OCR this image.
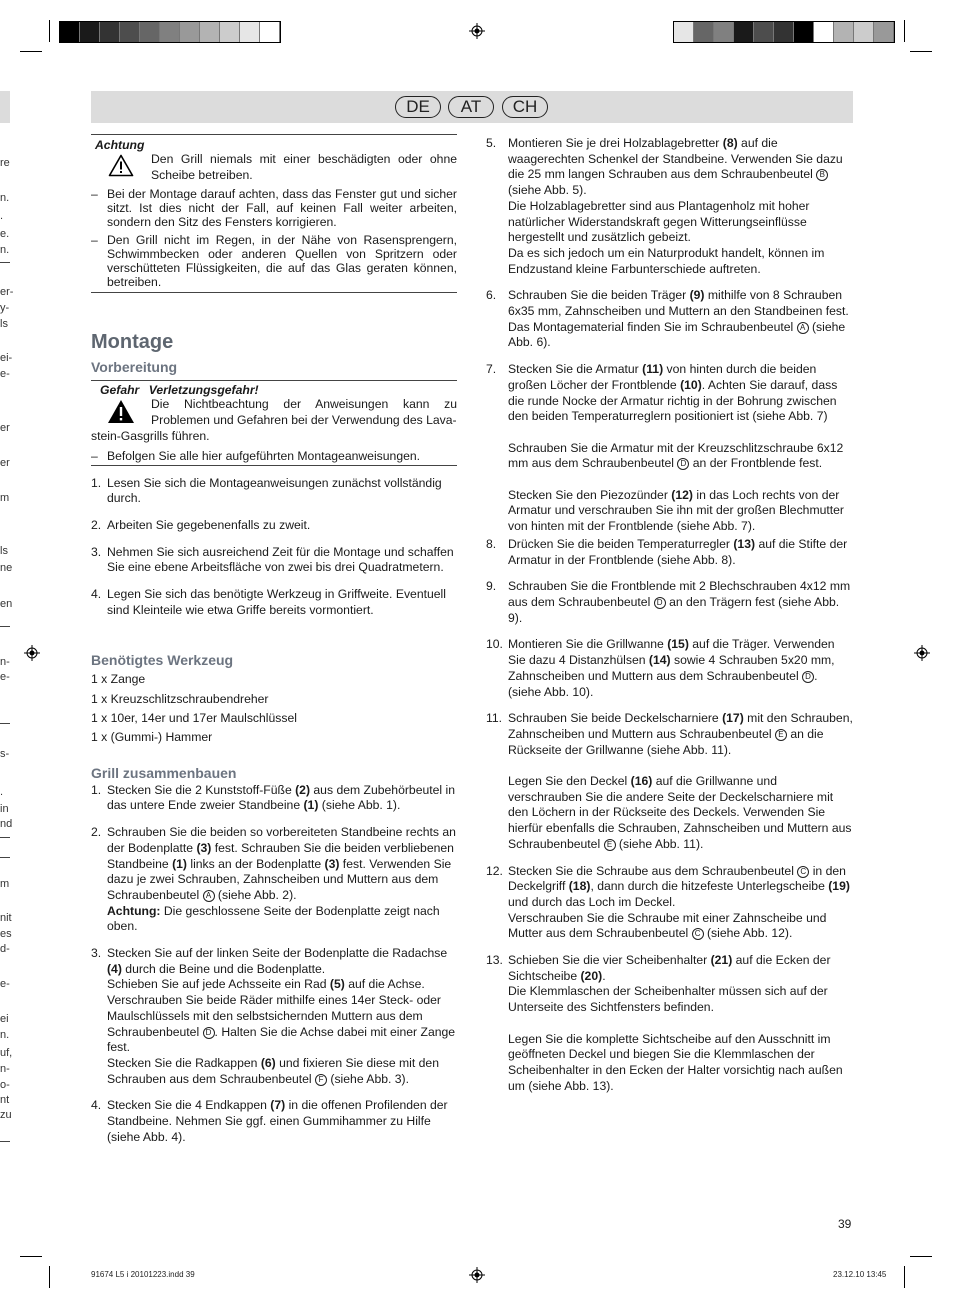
DE	AT	CH
re
n.
.
e.
n.
er-
y-
ls
ei-
e-
er
er
m
ls
ne
en
n-
e-
s-
.
in
nd
m
nit
es
d-
e-
ei
n.
uf,
n-
o-
nt
zu
Achtung

Den Grill niemals mit einer beschädigten oder ohne Scheibe betreiben.

– Bei der Montage darauf achten, dass das Fenster gut und sicher sitzt. Ist dies nicht der Fall, auf keinen Fall weiter arbeiten, sondern den Sitz des Fensters korrigieren.
– Den Grill nicht im Regen, in der Nähe von Rasensprengern, Schwimmbecken oder anderen Quellen von Spritzern oder verschütteten Flüssigkeiten, die auf das Glas geraten können, betreiben.
Montage
Vorbereitung
Gefahr Verletzungsgefahr!

Die Nichtbeachtung der Anweisungen kann zu Problemen und Gefahren bei der Verwendung des Lava-

stein-Gasgrills führen.

– Befolgen Sie alle hier aufgeführten Montageanweisungen.
1. Lesen Sie sich die Montageanweisungen zunächst vollständig durch.
2. Arbeiten Sie gegebenenfalls zu zweit.
3. Nehmen Sie sich ausreichend Zeit für die Montage und schaffen Sie eine ebene Arbeitsfläche von zwei bis drei Quadratmetern.
4. Legen Sie sich das benötigte Werkzeug in Griffweite. Eventuell sind Kleinteile wie etwa Griffe bereits vormontiert.
Benötigtes Werkzeug

1 x Zange

1 x Kreuzschlitzschraubendreher

1 x 10er, 14er und 17er Maulschlüssel

1 x (Gummi-) Hammer

Grill zusammenbauen
1. Stecken Sie die 2 Kunststoff-Füße (2) aus dem Zubehörbeutel in das untere Ende zweier Standbeine (1) (siehe Abb. 1).
2. Schrauben Sie die beiden so vorbereiteten Standbeine rechts an der Bodenplatte (3) fest. Schrauben Sie die beiden verbliebenen Standbeine (1) links an der Bodenplatte (3) fest. Verwenden Sie dazu je zwei Schrauben, Zahnscheiben und Muttern aus dem Schraubenbeutel A (siehe Abb. 2).
Achtung: Die geschlossene Seite der Bodenplatte zeigt nach oben.
3. Stecken Sie auf der linken Seite der Bodenplatte die Radachse (4) durch die Beine und die Bodenplatte.
Schieben Sie auf jede Achsseite ein Rad (5) auf die Achse. Verschrauben Sie beide Räder mithilfe eines 14er Steck- oder Maulschlüssels mit den selbstsichernden Muttern aus dem Schraubenbeutel D . Halten Sie die Achse dabei mit einer Zange fest.
Stecken Sie die Radkappen (6) und fixieren Sie diese mit den Schrauben aus dem Schraubenbeutel F (siehe Abb. 3).
4. Stecken Sie die 4 Endkappen (7) in die offenen Profilenden der Standbeine. Nehmen Sie ggf. einen Gummihammer zu Hilfe (siehe Abb. 4).
5. Montieren Sie je drei Holzablagebretter (8) auf die waagerechten Schenkel der Standbeine. Verwenden Sie dazu die 25 mm langen Schrauben aus dem Schraubenbeutel B (siehe Abb. 5).
Die Holzablagebretter sind aus Plantagenholz mit hoher natürlicher Widerstandskraft gegen Witterungseinflüsse hergestellt und zusätzlich gebeizt.
Da es sich jedoch um ein Naturprodukt handelt, können im Endzustand kleine Farbunterschiede auftreten.
6. Schrauben Sie die beiden Träger (9) mithilfe von 8 Schrauben 6x35 mm, Zahnscheiben und Muttern an den Standbeinen fest. Das Montagematerial finden Sie im Schraubenbeutel A (siehe Abb. 6).
7. Stecken Sie die Armatur (11) von hinten durch die beiden großen Löcher der Frontblende (10). Achten Sie darauf, dass die runde Nocke der Armatur richtig in der Bohrung zwischen den beiden Temperaturreglern positioniert ist (siehe Abb. 7)

Schrauben Sie die Armatur mit der Kreuzschlitzschraube 6x12 mm aus dem Schraubenbeutel D an der Frontblende fest.

Stecken Sie den Piezozünder (12) in das Loch rechts von der Armatur und verschrauben Sie ihn mit der großen Blechmutter von hinten mit der Frontblende (siehe Abb. 7).
8. Drücken Sie die beiden Temperaturregler (13) auf die Stifte der Armatur in der Frontblende (siehe Abb. 8).
9. Schrauben Sie die Frontblende mit 2 Blechschrauben 4x12 mm aus dem Schraubenbeutel D an den Trägern fest (siehe Abb. 9).
10. Montieren Sie die Grillwanne (15) auf die Träger. Verwenden Sie dazu 4 Distanzhülsen (14) sowie 4 Schrauben 5x20 mm, Zahnscheiben und Muttern aus dem Schraubenbeutel D . (siehe Abb. 10).
11. Schrauben Sie beide Deckelscharniere (17) mit den Schrauben, Zahnscheiben und Muttern aus Schraubenbeutel E an die Rückseite der Grillwanne (siehe Abb. 11).

Legen Sie den Deckel (16) auf die Grillwanne und verschrauben Sie die andere Seite der Deckelscharniere mit den Löchern in der Rückseite des Deckels. Verwenden Sie hierfür ebenfalls die Schrauben, Zahnscheiben und Muttern aus Schraubenbeutel E (siehe Abb. 11).
12. Stecken Sie die Schraube aus dem Schraubenbeutel C in den Deckelgriff (18), dann durch die hitzefeste Unterlegscheibe (19) und durch das Loch im Deckel.
Verschrauben Sie die Schraube mit einer Zahnscheibe und Mutter aus dem Schraubenbeutel C (siehe Abb. 12).
13. Schieben Sie die vier Scheibenhalter (21) auf die Ecken der Sichtscheibe (20).
Die Klemmlaschen der Scheibenhalter müssen sich auf der Unterseite des Sichtfensters befinden.

Legen Sie die komplette Sichtscheibe auf den Ausschnitt im geöffneten Deckel und biegen Sie die Klemmlaschen der Scheibenhalter in den Ecken der Halter vorsichtig nach außen um (siehe Abb. 13).
39
91674 L5 i 20101223.indd 39	23.12.10 13:45
